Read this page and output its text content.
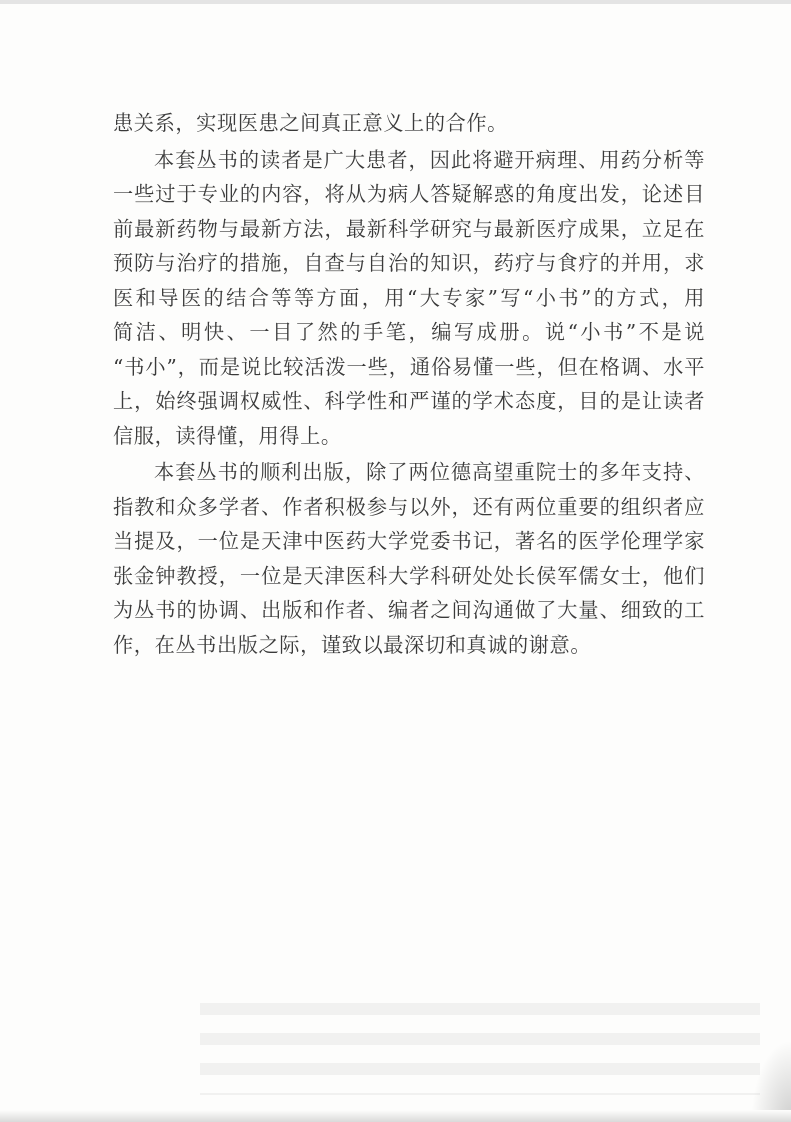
患关系，实现医患之间真正意义上的合作。

本套丛书的读者是广大患者，因此将避开病理、用药分析等
一些过于专业的内容，将从为病人答疑解惑的角度出发，论述目
前最新药物与最新方法，最新科学研究与最新医疗成果，立足在
预防与治疗的措施，自查与自治的知识，药疗与食疗的并用，求
医和导医的结合等等方面，用“大专家”写“小书”的方式，用
简洁、明快、一目了然的手笔，编写成册。说“小书”不是说
“书小”，而是说比较活泼一些，通俗易懂一些，但在格调、水平
上，始终强调权威性、科学性和严谨的学术态度，目的是让读者
信服，读得懂，用得上。

本套丛书的顺利出版，除了两位德高望重院士的多年支持、
指教和众多学者、作者积极参与以外，还有两位重要的组织者应
当提及，一位是天津中医药大学党委书记，著名的医学伦理学家
张金钟教授，一位是天津医科大学科研处处长侯军儒女士，他们
为丛书的协调、出版和作者、编者之间沟通做了大量、细致的工
作，在丛书出版之际，谨致以最深切和真诚的谢意。
